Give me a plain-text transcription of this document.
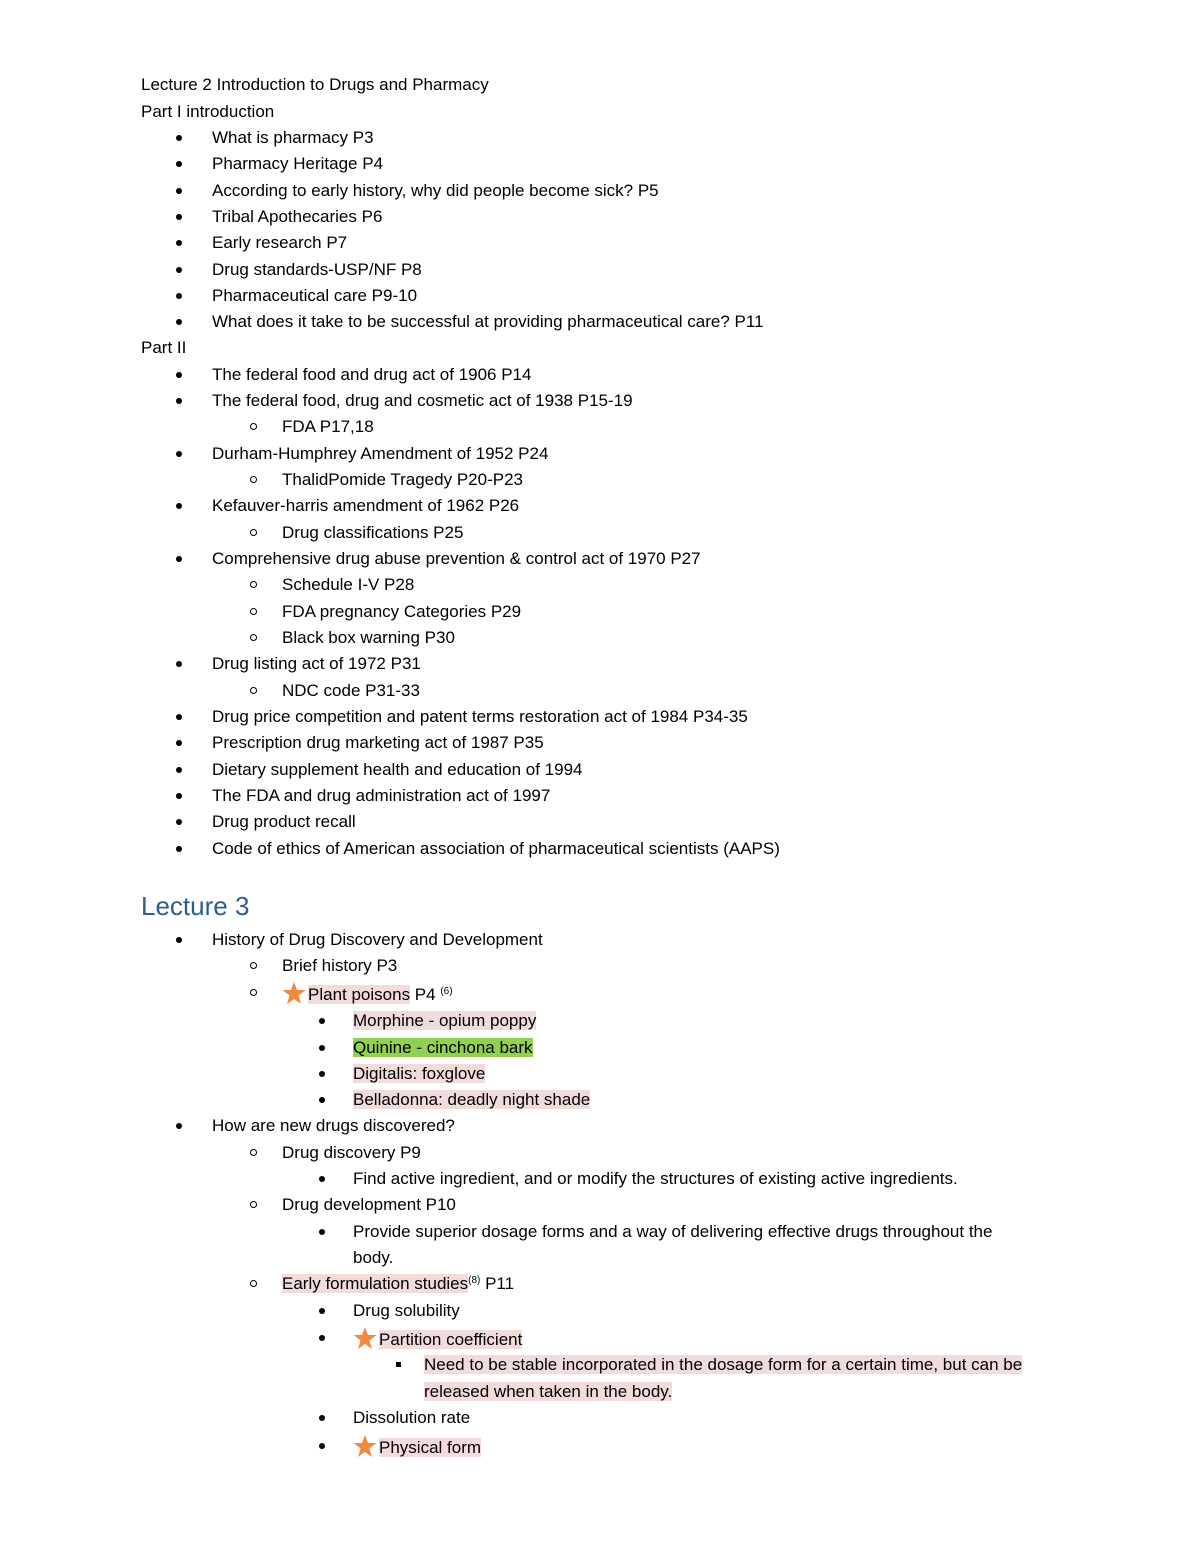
Lecture 2 Introduction to Drugs and Pharmacy
Part I introduction
What is pharmacy P3
Pharmacy Heritage P4
According to early history, why did people become sick? P5
Tribal Apothecaries P6
Early research P7
Drug standards-USP/NF P8
Pharmaceutical care P9-10
What does it take to be successful at providing pharmaceutical care? P11
Part II
The federal food and drug act of 1906 P14
The federal food, drug and cosmetic act of 1938 P15-19
FDA P17,18
Durham-Humphrey Amendment of 1952 P24
ThalidPomide Tragedy P20-P23
Kefauver-harris amendment of 1962 P26
Drug classifications P25
Comprehensive drug abuse prevention & control act of 1970 P27
Schedule I-V P28
FDA pregnancy Categories P29
Black box warning P30
Drug listing act of 1972 P31
NDC code P31-33
Drug price competition and patent terms restoration act of 1984 P34-35
Prescription drug marketing act of 1987 P35
Dietary supplement health and education of 1994
The FDA and drug administration act of 1997
Drug product recall
Code of ethics of American association of pharmaceutical scientists (AAPS)
Lecture 3
History of Drug Discovery and Development
Brief history P3
Plant poisons P4 $^{(6)}$
Morphine - opium poppy
Quinine - cinchona bark
Digitalis: foxglove
Belladonna: deadly night shade
How are new drugs discovered?
Drug discovery P9
Find active ingredient, and or modify the structures of existing active ingredients.
Drug development P10
Provide superior dosage forms and a way of delivering effective drugs throughout the
body.
Early formulation studies$^{(8)}$ P11
Drug solubility
Partition coefficient
Need to be stable incorporated in the dosage form for a certain time, but can be
released when taken in the body.
Dissolution rate
Physical form
